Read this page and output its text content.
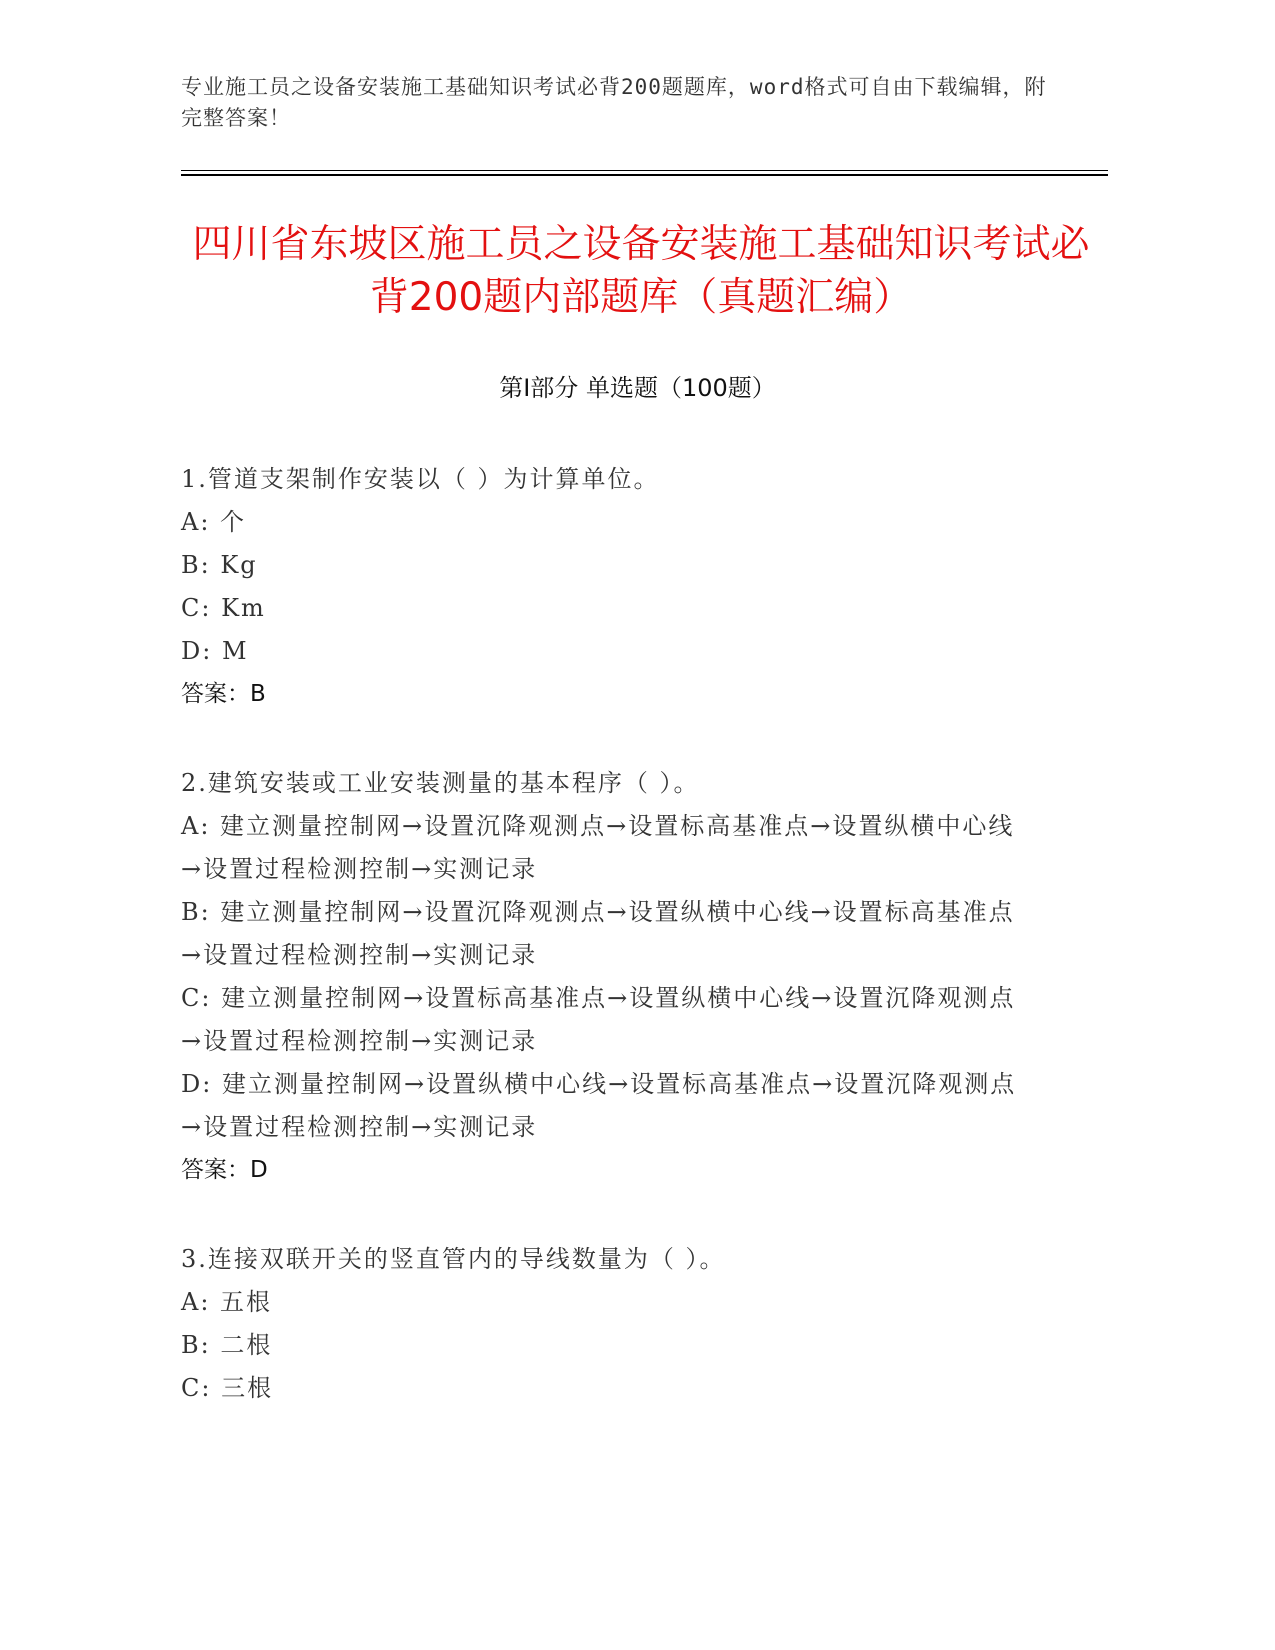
专业施工员之设备安装施工基础知识考试必背200题题库，word格式可自由下载编辑，附完整答案！
四川省东坡区施工员之设备安装施工基础知识考试必背200题内部题库（真题汇编）
第Ⅰ部分 单选题（100题）
1.管道支架制作安装以（ ）为计算单位。
A: 个
B: Kg
C: Km
D: M
答案：B
2.建筑安装或工业安装测量的基本程序（ ）。
A: 建立测量控制网→设置沉降观测点→设置标高基准点→设置纵横中心线→设置过程检测控制→实测记录
B: 建立测量控制网→设置沉降观测点→设置纵横中心线→设置标高基准点→设置过程检测控制→实测记录
C: 建立测量控制网→设置标高基准点→设置纵横中心线→设置沉降观测点→设置过程检测控制→实测记录
D: 建立测量控制网→设置纵横中心线→设置标高基准点→设置沉降观测点→设置过程检测控制→实测记录
答案：D
3.连接双联开关的竖直管内的导线数量为（ ）。
A: 五根
B: 二根
C: 三根
